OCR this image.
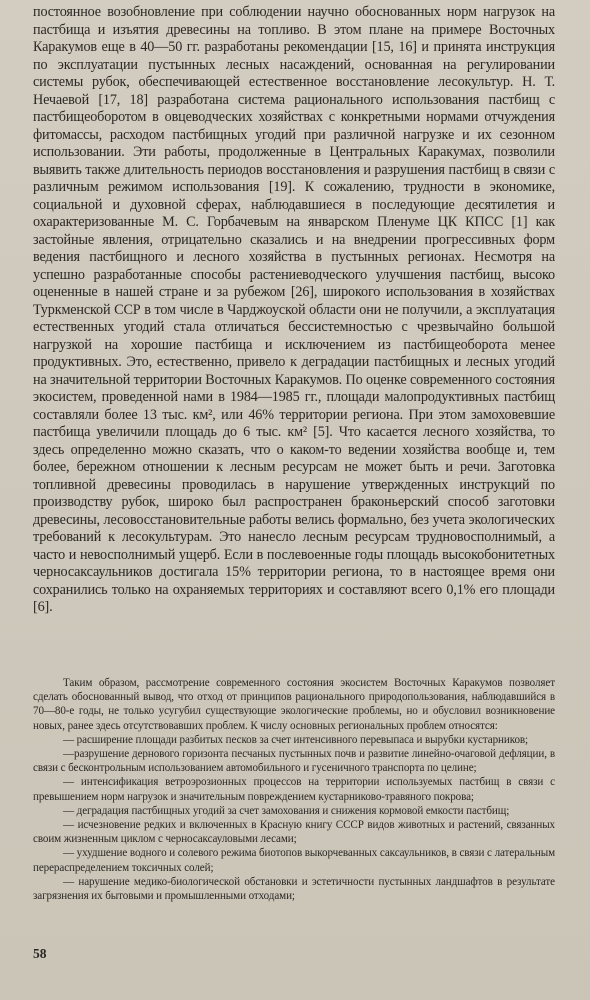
постоянное возобновление при соблюдении научно обоснованных норм нагрузок на пастбища и изъятия древесины на топливо. В этом плане на примере Восточных Каракумов еще в 40—50 гг. разработаны рекомендации [15, 16] и принята инструкция по эксплуатации пустынных лесных насаждений, основанная на регулировании системы рубок, обеспечивающей естественное восстановление лесокультур. Н. Т. Нечаевой [17, 18] разработана система рационального использования пастбищ с пастбищеоборотом в овцеводческих хозяйствах с конкретными нормами отчуждения фитомассы, расходом пастбищных угодий при различной нагрузке и их сезонном использовании. Эти работы, продолженные в Центральных Каракумах, позволили выявить также длительность периодов восстановления и разрушения пастбищ в связи с различным режимом использования [19]. К сожалению, трудности в экономике, социальной и духовной сферах, наблюдавшиеся в последующие десятилетия и охарактеризованные М. С. Горбачевым на январском Пленуме ЦК КПСС [1] как застойные явления, отрицательно сказались и на внедрении прогрессивных форм ведения пастбищного и лесного хозяйства в пустынных регионах. Несмотря на успешно разработанные способы растениеводческого улучшения пастбищ, высоко оцененные в нашей стране и за рубежом [26], широкого использования в хозяйствах Туркменской ССР в том числе в Чарджоуской области они не получили, а эксплуатация естественных угодий стала отличаться бессистемностью с чрезвычайно большой нагрузкой на хорошие пастбища и исключением из пастбищеоборота менее продуктивных. Это, естественно, привело к деградации пастбищных и лесных угодий на значительной территории Восточных Каракумов. По оценке современного состояния экосистем, проведенной нами в 1984—1985 гг., площади малопродуктивных пастбищ составляли более 13 тыс. км², или 46% территории региона. При этом замоховевшие пастбища увеличили площадь до 6 тыс. км² [5]. Что касается лесного хозяйства, то здесь определенно можно сказать, что о каком-то ведении хозяйства вообще и, тем более, бережном отношении к лесным ресурсам не может быть и речи. Заготовка топливной древесины проводилась в нарушение утвержденных инструкций по производству рубок, широко был распространен браконьерский способ заготовки древесины, лесовосстановительные работы велись формально, без учета экологических требований к лесокультурам. Это нанесло лесным ресурсам трудновосполнимый, а часто и невосполнимый ущерб. Если в послевоенные годы площадь высокобонитетных черносаксаульников достигала 15% территории региона, то в настоящее время они сохранились только на охраняемых территориях и составляют всего 0,1% его площади [6].

Таким образом, рассмотрение современного состояния экосистем Восточных Каракумов позволяет сделать обоснованный вывод, что отход от принципов рационального природопользования, наблюдавшийся в 70—80-е годы, не только усугубил существующие экологические проблемы, но и обусловил возникновение новых, ранее здесь отсутствовавших проблем. К числу основных региональных проблем относятся:

— расширение площади разбитых песков за счет интенсивного перевыпаса и вырубки кустарников;

—разрушение дернового горизонта песчаных пустынных почв и развитие линейно-очаговой дефляции, в связи с бесконтрольным использованием автомобильного и гусеничного транспорта по целине;

— интенсификация ветроэрозионных процессов на территории используемых пастбищ в связи с превышением норм нагрузок и значительным повреждением кустарниково-травяного покрова;

— деградация пастбищных угодий за счет замохования и снижения кормовой емкости пастбищ;

— исчезновение редких и включенных в Красную книгу СССР видов животных и растений, связанных своим жизненным циклом с черносаксауловыми лесами;

— ухудшение водного и солевого режима биотопов выкорчеванных саксаульников, в связи с латеральным перераспределением токсичных солей;

— нарушение медико-биологической обстановки и эстетичности пустынных ландшафтов в результате загрязнения их бытовыми и промышленными отходами;

58
